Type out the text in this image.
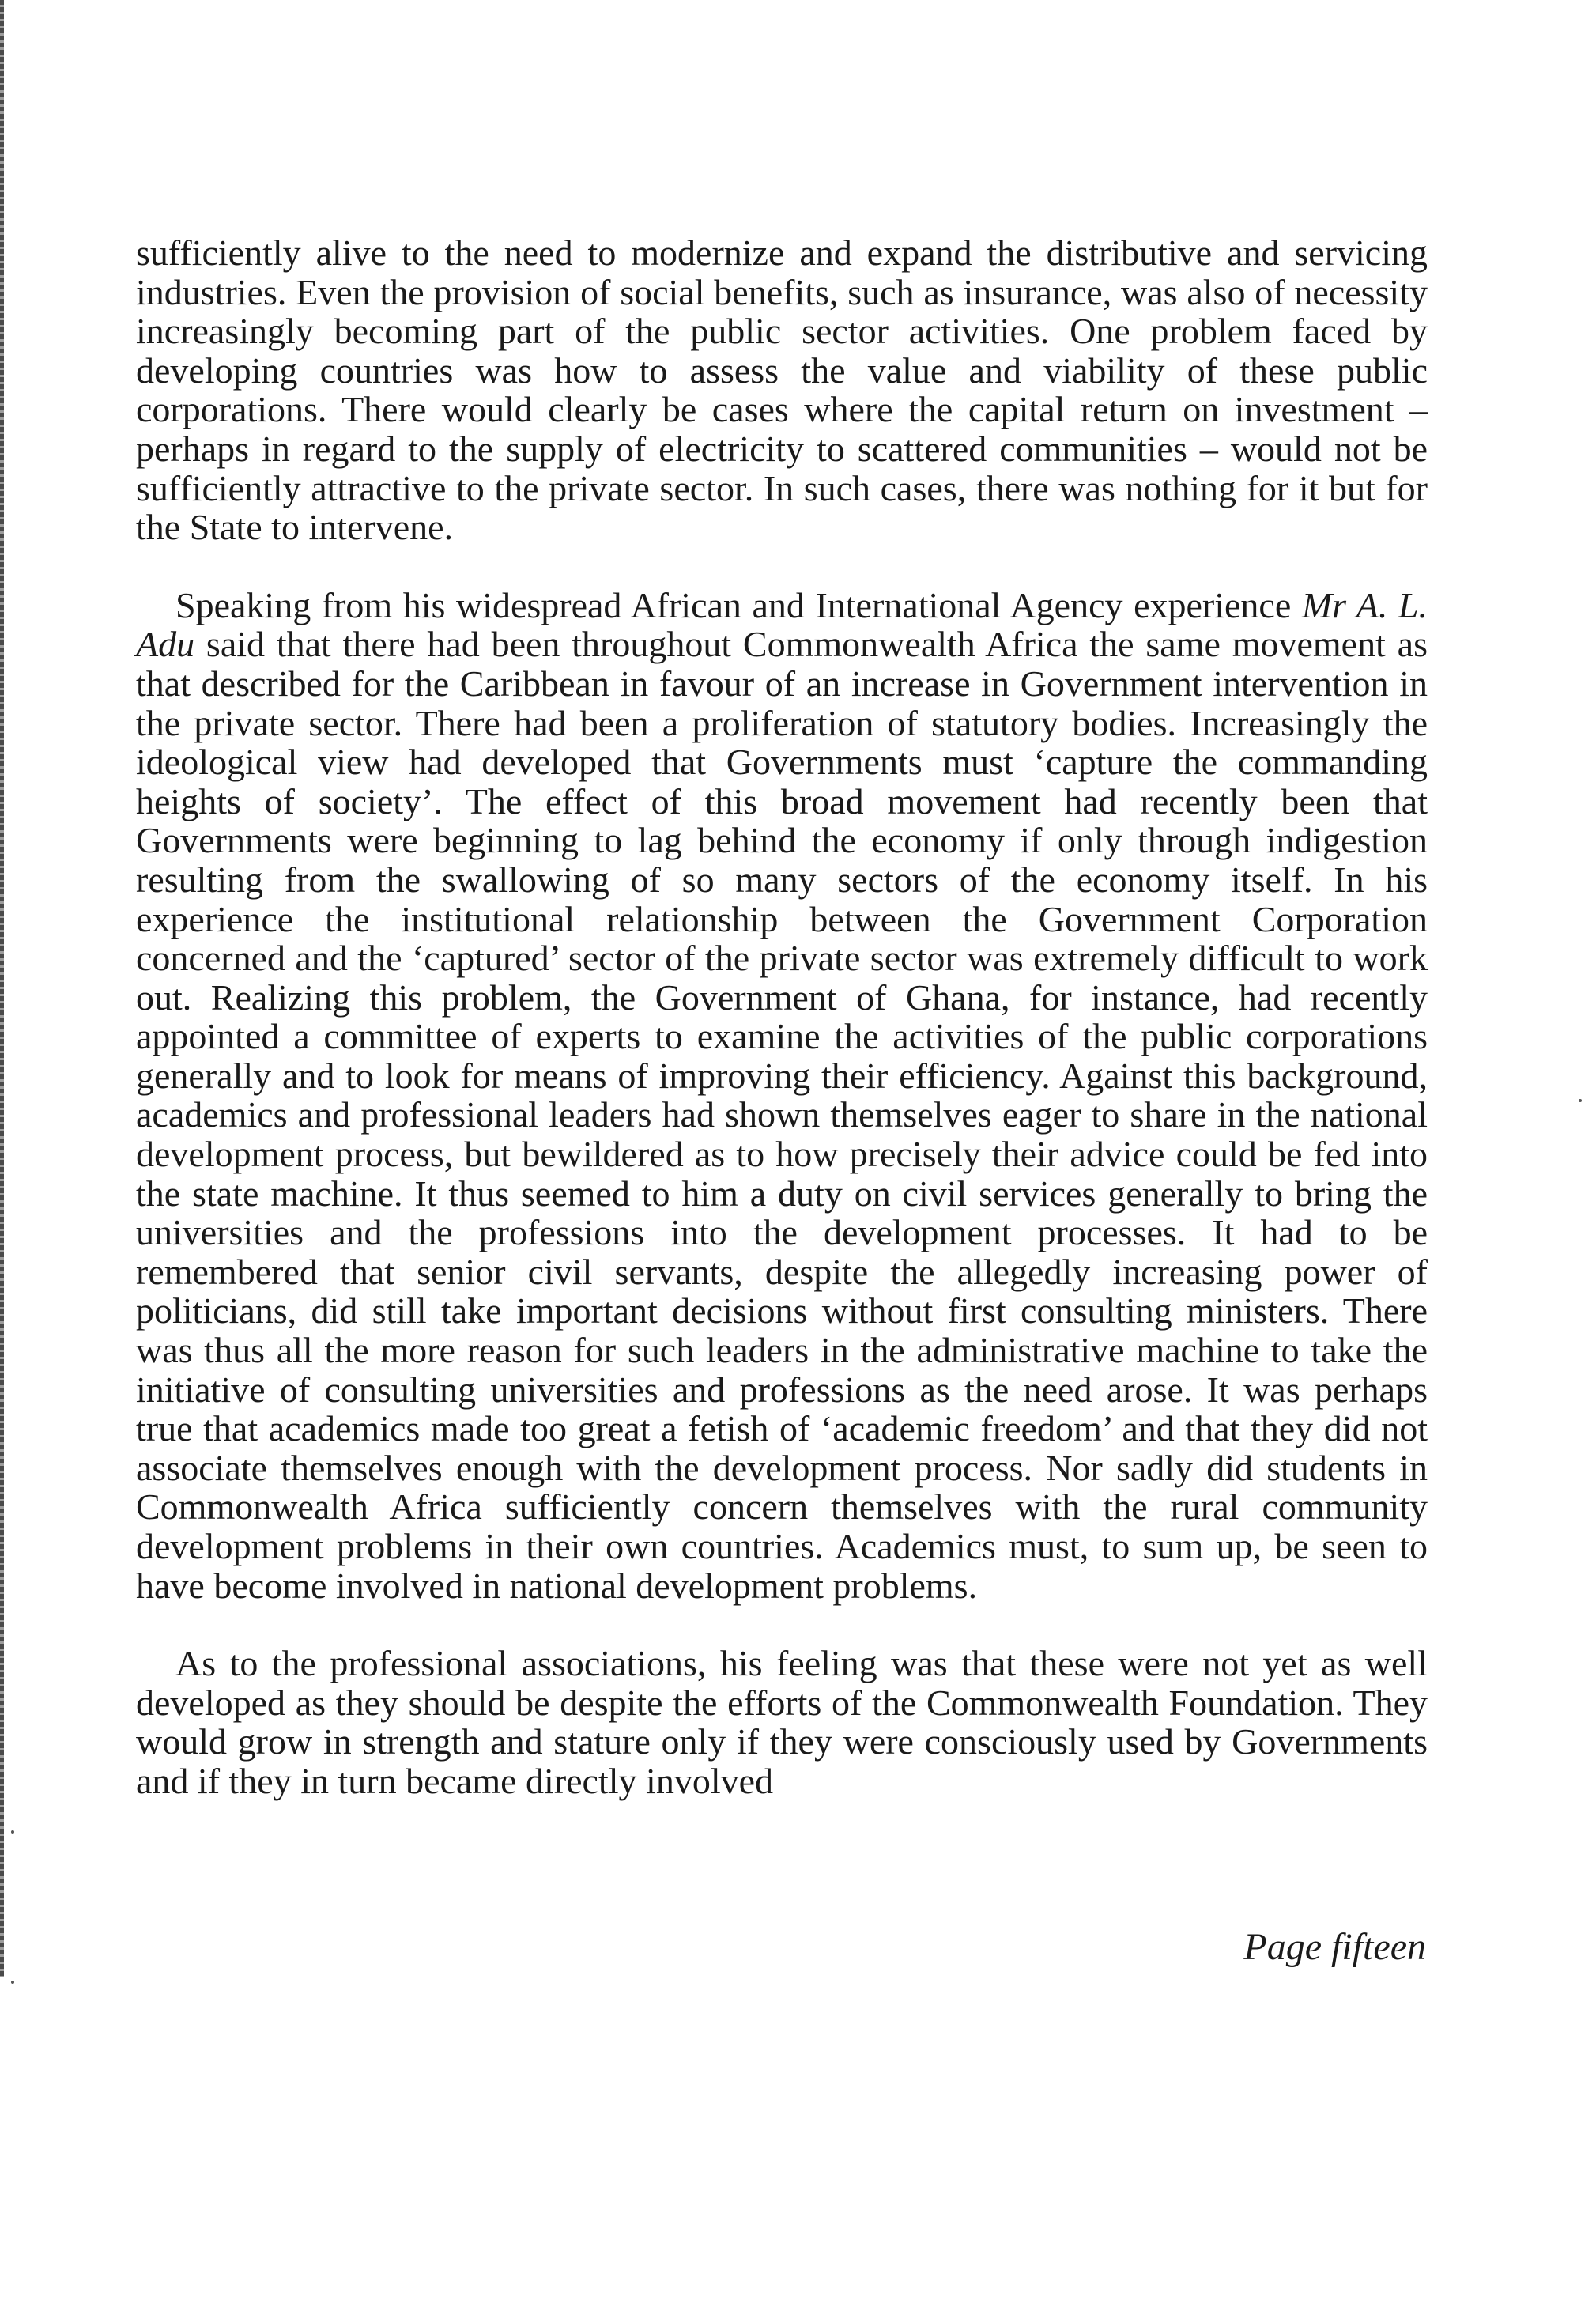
sufficiently alive to the need to modernize and expand the distributive and servicing industries. Even the provision of social benefits, such as insurance, was also of necessity increasingly becoming part of the public sector activities. One problem faced by developing countries was how to assess the value and viability of these public corporations. There would clearly be cases where the capital return on investment – perhaps in regard to the supply of electricity to scattered communities – would not be sufficiently attractive to the private sector. In such cases, there was nothing for it but for the State to intervene.

Speaking from his widespread African and International Agency experience Mr A. L. Adu said that there had been throughout Commonwealth Africa the same movement as that described for the Caribbean in favour of an increase in Government intervention in the private sector. There had been a proliferation of statutory bodies. Increasingly the ideological view had developed that Governments must ‘capture the commanding heights of society’. The effect of this broad movement had recently been that Governments were beginning to lag behind the economy if only through indigestion resulting from the swallowing of so many sectors of the economy itself. In his experience the institutional relationship between the Government Corporation concerned and the ‘captured’ sector of the private sector was extremely difficult to work out. Realizing this problem, the Government of Ghana, for instance, had recently appointed a committee of experts to examine the activities of the public corporations generally and to look for means of improving their efficiency. Against this background, academics and professional leaders had shown themselves eager to share in the national development process, but bewildered as to how precisely their advice could be fed into the state machine. It thus seemed to him a duty on civil services generally to bring the universities and the professions into the development processes. It had to be remembered that senior civil servants, despite the allegedly increasing power of politicians, did still take important decisions without first consulting ministers. There was thus all the more reason for such leaders in the administrative machine to take the initiative of consulting universities and professions as the need arose. It was perhaps true that academics made too great a fetish of ‘academic freedom’ and that they did not associate themselves enough with the development process. Nor sadly did students in Commonwealth Africa sufficiently concern themselves with the rural community development problems in their own countries. Academics must, to sum up, be seen to have become involved in national development problems.

As to the professional associations, his feeling was that these were not yet as well developed as they should be despite the efforts of the Commonwealth Foundation. They would grow in strength and stature only if they were consciously used by Governments and if they in turn became directly involved

Page fifteen
